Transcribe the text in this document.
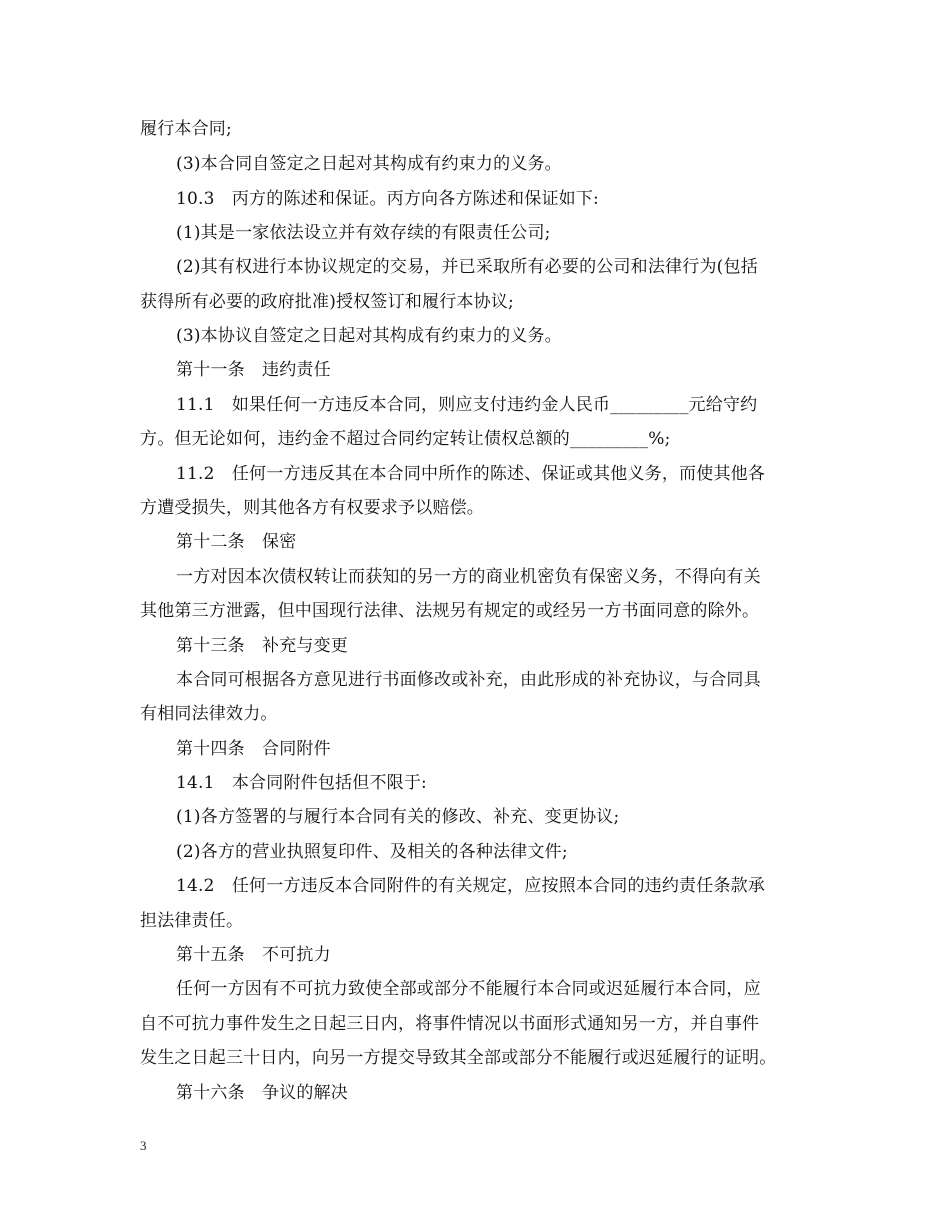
履行本合同;
(3)本合同自签定之日起对其构成有约束力的义务。
10.3　丙方的陈述和保证。丙方向各方陈述和保证如下:
(1)其是一家依法设立并有效存续的有限责任公司;
(2)其有权进行本协议规定的交易，并已采取所有必要的公司和法律行为(包括
获得所有必要的政府批准)授权签订和履行本协议;
(3)本协议自签定之日起对其构成有约束力的义务。
第十一条　违约责任
11.1　如果任何一方违反本合同，则应支付违约金人民币_________元给守约
方。但无论如何，违约金不超过合同约定转让债权总额的_________%;
11.2　任何一方违反其在本合同中所作的陈述、保证或其他义务，而使其他各
方遭受损失，则其他各方有权要求予以赔偿。
第十二条　保密
一方对因本次债权转让而获知的另一方的商业机密负有保密义务，不得向有关
其他第三方泄露，但中国现行法律、法规另有规定的或经另一方书面同意的除外。
第十三条　补充与变更
本合同可根据各方意见进行书面修改或补充，由此形成的补充协议，与合同具
有相同法律效力。
第十四条　合同附件
14.1　本合同附件包括但不限于:
(1)各方签署的与履行本合同有关的修改、补充、变更协议;
(2)各方的营业执照复印件、及相关的各种法律文件;
14.2　任何一方违反本合同附件的有关规定，应按照本合同的违约责任条款承
担法律责任。
第十五条　不可抗力
任何一方因有不可抗力致使全部或部分不能履行本合同或迟延履行本合同，应
自不可抗力事件发生之日起三日内，将事件情况以书面形式通知另一方，并自事件
发生之日起三十日内，向另一方提交导致其全部或部分不能履行或迟延履行的证明。
第十六条　争议的解决
3
